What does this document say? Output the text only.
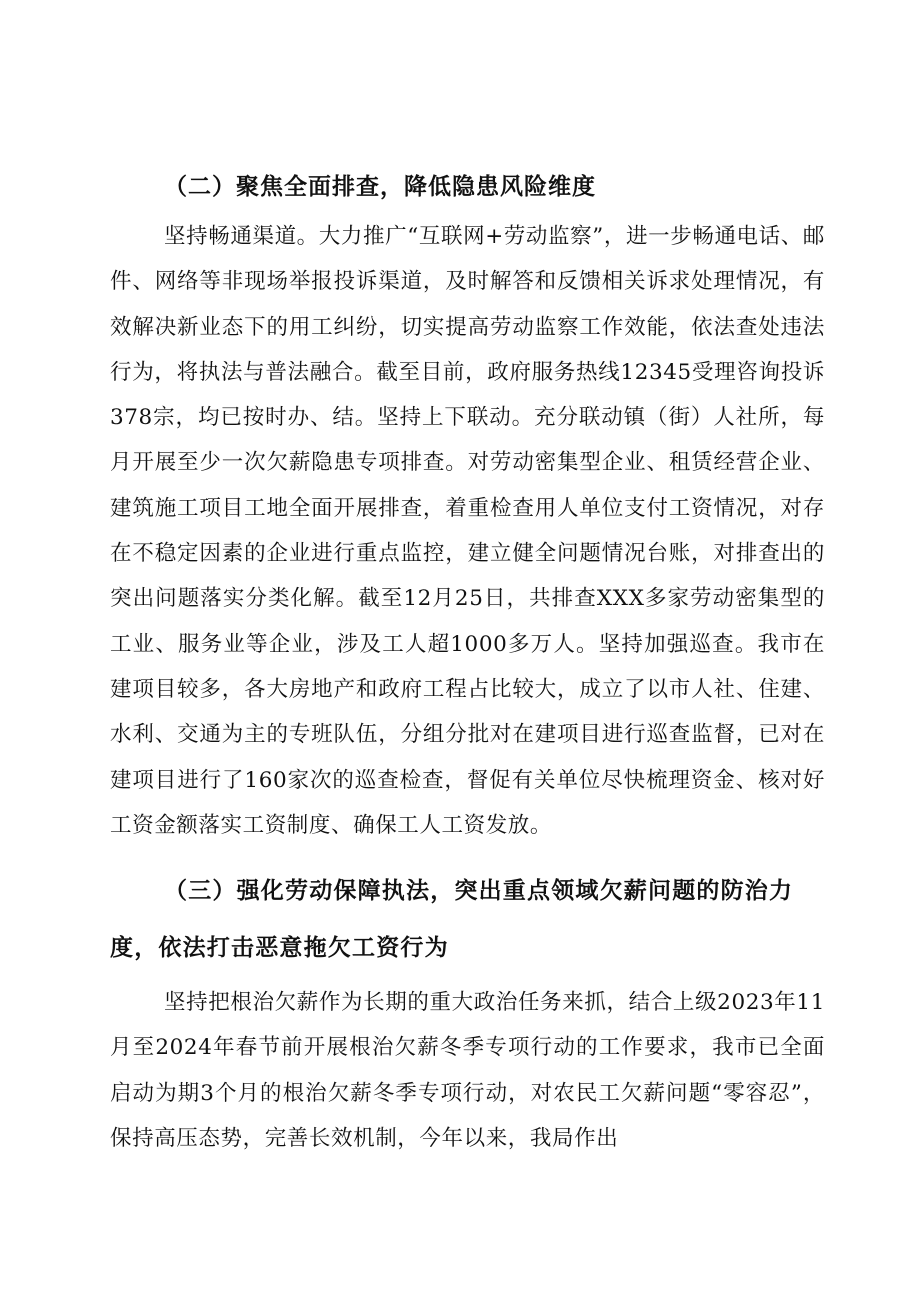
（二）聚焦全面排查，降低隐患风险维度

坚持畅通渠道。大力推广“互联网+劳动监察”，进一步畅通电话、邮件、网络等非现场举报投诉渠道，及时解答和反馈相关诉求处理情况，有效解决新业态下的用工纠纷，切实提高劳动监察工作效能，依法查处违法行为，将执法与普法融合。截至目前，政府服务热线12345受理咨询投诉378宗，均已按时办、结。坚持上下联动。充分联动镇（街）人社所，每月开展至少一次欠薪隐患专项排查。对劳动密集型企业、租赁经营企业、建筑施工项目工地全面开展排查，着重检查用人单位支付工资情况，对存在不稳定因素的企业进行重点监控，建立健全问题情况台账，对排查出的突出问题落实分类化解。截至12月25日，共排查XXX多家劳动密集型的工业、服务业等企业，涉及工人超1000多万人。坚持加强巡查。我市在建项目较多，各大房地产和政府工程占比较大，成立了以市人社、住建、水利、交通为主的专班队伍，分组分批对在建项目进行巡查监督，已对在建项目进行了160家次的巡查检查，督促有关单位尽快梳理资金、核对好工资金额落实工资制度、确保工人工资发放。

（三）强化劳动保障执法，突出重点领域欠薪问题的防治力度，依法打击恶意拖欠工资行为

坚持把根治欠薪作为长期的重大政治任务来抓，结合上级2023年11月至2024年春节前开展根治欠薪冬季专项行动的工作要求，我市已全面启动为期3个月的根治欠薪冬季专项行动，对农民工欠薪问题“零容忍”，保持高压态势，完善长效机制，今年以来，我局作出
